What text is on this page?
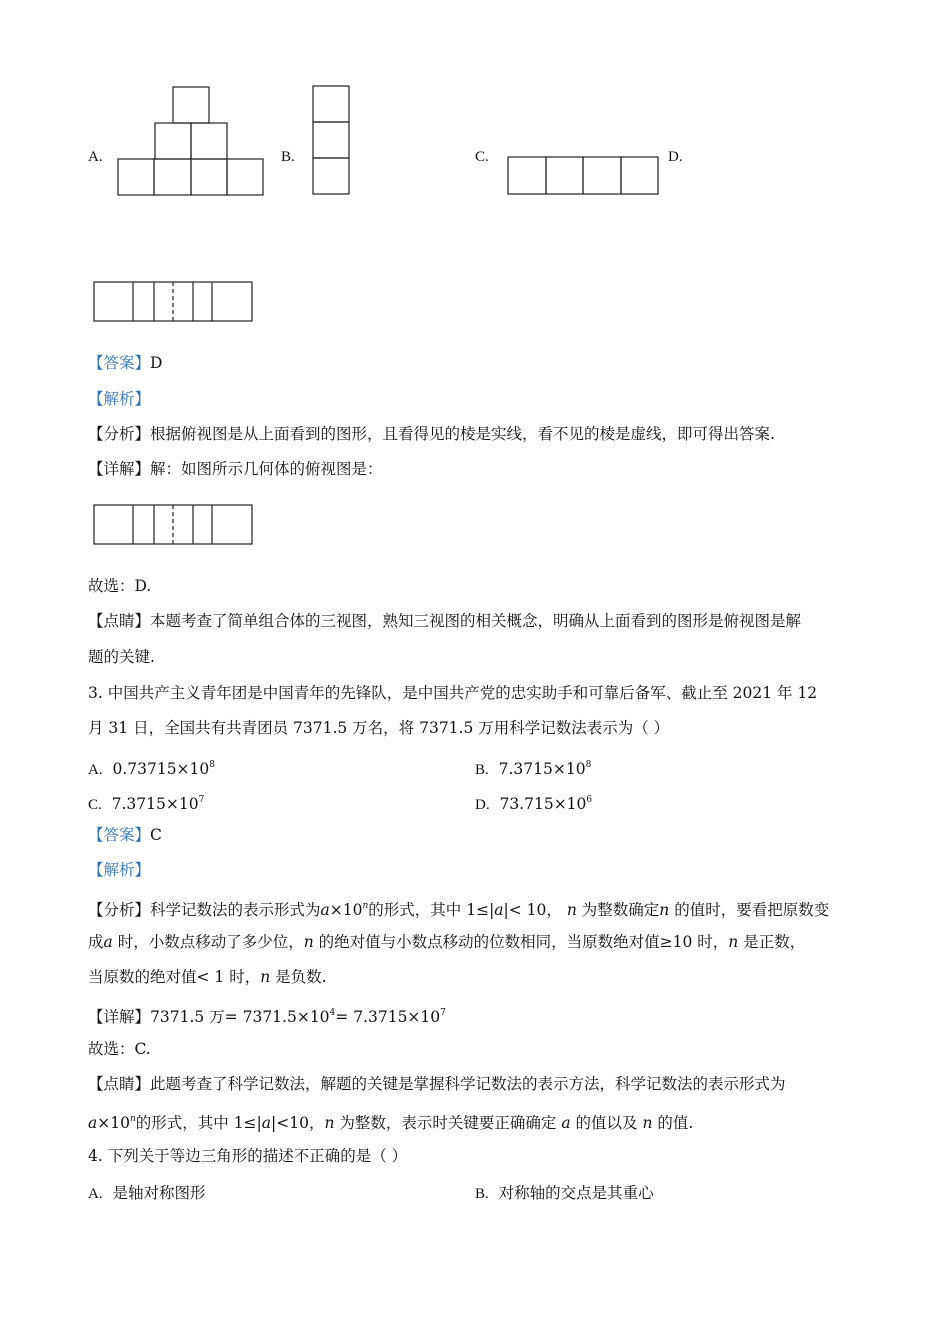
A.	B.	C.	D.
【答案】D
【解析】
【分析】根据俯视图是从上面看到的图形，且看得见的棱是实线，看不见的棱是虚线，即可得出答案.
【详解】解：如图所示几何体的俯视图是：
故选：D.
【点睛】本题考查了简单组合体的三视图，熟知三视图的相关概念，明确从上面看到的图形是俯视图是解
题的关键.
3. 中国共产主义青年团是中国青年的先锋队，是中国共产党的忠实助手和可靠后备军、截止至 2021 年 12
月 31 日，全国共有共青团员 7371.5 万名，将 7371.5 万用科学记数法表示为（ ）
A. $0.73715\times 10^8$	B. $7.3715\times 10^8$
C. $7.3715\times 10^7$	D. $73.715\times 10^6$
【答案】C
【解析】
【分析】科学记数法的表示形式为$a\times 10^n$的形式，其中 1≤|a|< 10， n 为整数确定n 的值时，要看把原数变
成a 时，小数点移动了多少位，n 的绝对值与小数点移动的位数相同，当原数绝对值≥10 时，n 是正数，
当原数的绝对值< 1 时，n 是负数.
【详解】7371.5 万= $7371.5\times 10^4= 7.3715\times 10^7$
故选：C.
【点睛】此题考查了科学记数法，解题的关键是掌握科学记数法的表示方法，科学记数法的表示形式为
$a\times 10^n$的形式，其中 1≤|a|<10，n 为整数，表示时关键要正确确定 a 的值以及 n 的值.
4. 下列关于等边三角形的描述不正确的是（ ）
A. 是轴对称图形	B. 对称轴的交点是其重心
